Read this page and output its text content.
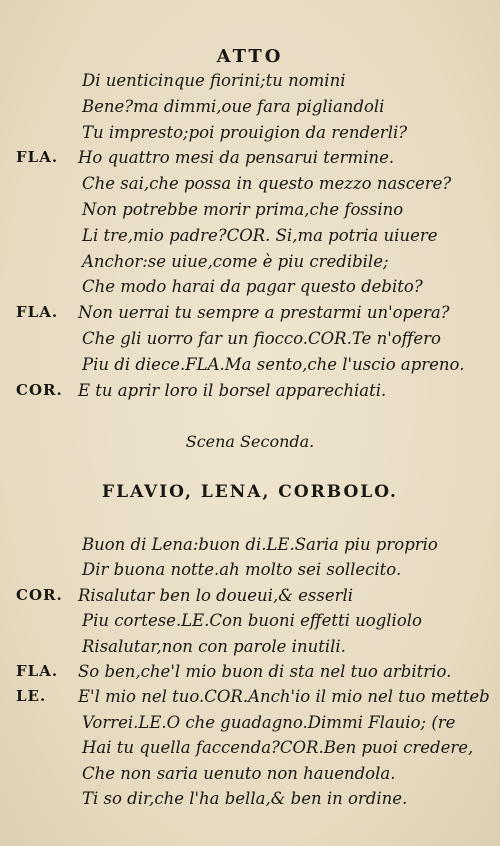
ATTO
Di uenticinque fiorini;tu nomini
Bene?ma dimmi,oue fara pigliandoli
Tu impresto;poi prouigion da renderli?
FLA. Ho quattro mesi da pensarui termine.
Che sai,che possa in questo mezzo nascere?
Non potrebbe morir prima,che fossino
Li tre,mio padre?COR. Si,ma potria uiuere
Anchor:se uiue,come è piu credibile;
Che modo harai da pagar questo debito?
FLA. Non uerrai tu sempre a prestarmi un'opera?
Che gli uorro far un fiocco.COR.Te n'offero
Piu di diece.FLA.Ma sento,che l'uscio apreno.
COR. E tu aprir loro il borsel apparechiati.
Scena Seconda.
FLAVIO, LENA, CORBOLO.
Buon di Lena:buon di.LE.Saria piu proprio
Dir buona notte.ah molto sei sollecito.
COR. Risalutar ben lo doueui,& esserli
Piu cortese.LE.Con buoni effetti uogliolo
Risalutar,non con parole inutili.
FLA. So ben,che'l mio buon di sta nel tuo arbitrio.
LE. E'l mio nel tuo.COR.Anch'io il mio nel tuo metteb
Vorrei.LE.O che guadagno.Dimmi Flauio; (re
Hai tu quella faccenda?COR.Ben puoi credere,
Che non saria uenuto non hauendola.
Ti so dir,che l'ha bella,& ben in ordine.
